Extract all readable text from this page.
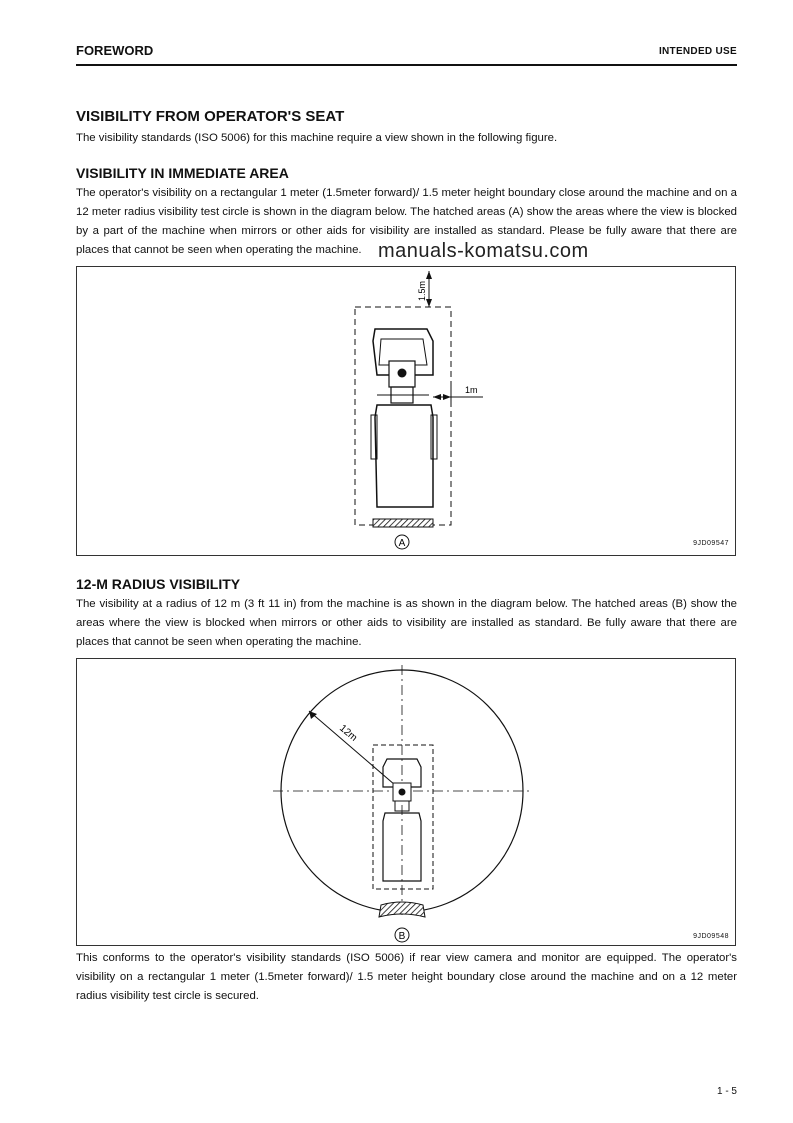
FOREWORD	INTENDED USE
VISIBILITY FROM OPERATOR'S SEAT
The visibility standards (ISO 5006) for this machine require a view shown in the following figure.
VISIBILITY IN IMMEDIATE AREA
The operator's visibility on a rectangular 1 meter (1.5meter forward)/ 1.5 meter height boundary close around the machine and on a 12 meter radius visibility test circle is shown in the diagram below. The hatched areas (A) show the areas where the view is blocked by a part of the machine when mirrors or other aids for visibility are installed as standard. Please be fully aware that there are places that cannot be seen when operating the machine.
A
1.5m
1m
9JD09547
manuals-komatsu.com
12-M RADIUS VISIBILITY
The visibility at a radius of 12 m (3 ft 11 in) from the machine is as shown in the diagram below. The hatched areas (B) show the areas where the view is blocked when mirrors or other aids to visibility are installed as standard. Be fully aware that there are places that cannot be seen when operating the machine.
B
12m
9JD09548
This conforms to the operator's visibility standards (ISO 5006) if rear view camera and monitor are equipped. The operator's visibility on a rectangular 1 meter (1.5meter forward)/ 1.5 meter height boundary close around the machine and on a 12 meter radius visibility test circle is secured.
1 - 5
